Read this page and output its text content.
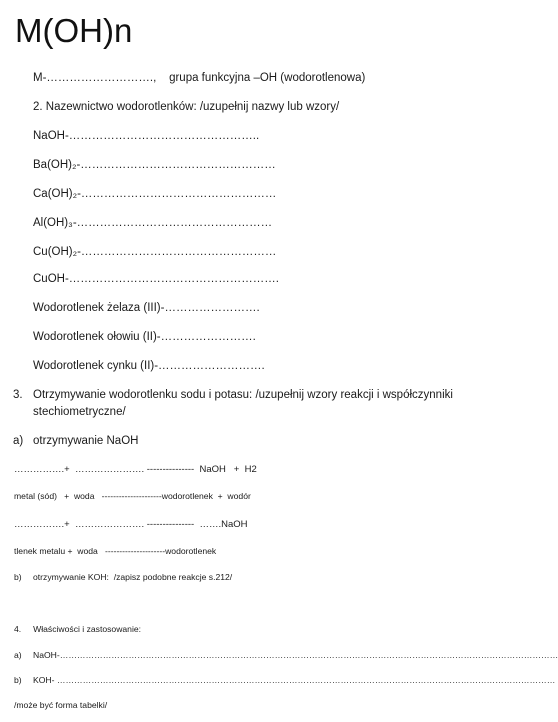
M(OH)n
M-……………………….,    grupa funkcyjna –OH (wodorotlenowa)
2. Nazewnictwo wodorotlenków: /uzupełnij nazwy lub wzory/
NaOH-…………………………………………..
Ba(OH)₂-……………………………………………
Ca(OH)₂-……………………………………………
Al(OH)₃-……………………………………………
Cu(OH)₂-……………………………………………
CuOH-……………………………………………….
Wodorotlenek żelaza (III)-…………………….
Wodorotlenek ołowiu (II)-…………………….
Wodorotlenek cynku (II)-……………………….
3. Otrzymywanie wodorotlenku sodu i potasu: /uzupełnij wzory reakcji i współczynniki
stechiometryczne/
a) otrzymywanie NaOH
…………….+  …………………. ---------------  NaOH   +  H2
metal (sód)   +  woda   ---------------------wodorotlenek  +  wodór
…………….+  …………………. ---------------  …….NaOH
tlenek metalu +  woda   ---------------------wodorotlenek
b) otrzymywanie KOH:  /zapisz podobne reakcje s.212/
4.     Właściwości i zastosowanie:
a) NaOH-…………………………………………………………………………………………………………………………………………………………
b) KOH- …………………………………………………………………………………………………………………………………………………………
/może być forma tabelki/
